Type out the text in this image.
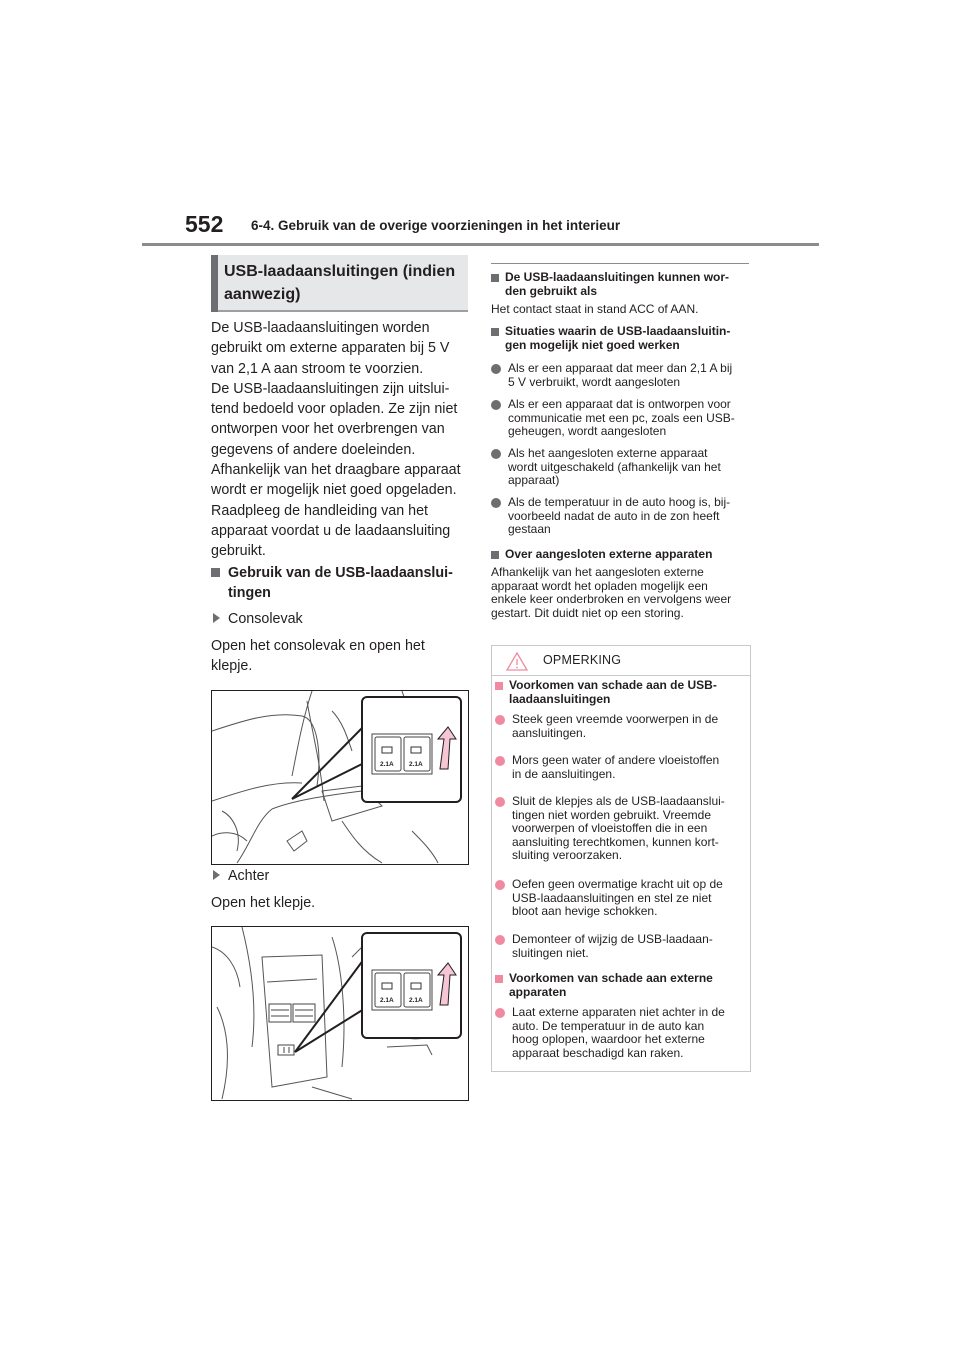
552 6-4. Gebruik van de overige voorzieningen in het interieur
USB-laadaansluitingen (indien aanwezig)
De USB-laadaansluitingen worden
gebruikt om externe apparaten bij 5 V
van 2,1 A aan stroom te voorzien.
De USB-laadaansluitingen zijn uitslui-
tend bedoeld voor opladen. Ze zijn niet
ontworpen voor het overbrengen van
gegevens of andere doeleinden.
Afhankelijk van het draagbare apparaat
wordt er mogelijk niet goed opgeladen.
Raadpleeg de handleiding van het
apparaat voordat u de laadaansluiting
gebruikt.
Gebruik van de USB-laadaanslui-
tingen
Consolevak
Open het consolevak en open het
klepje.
2.1A 2.1A
Achter
Open het klepje.
2.1A 2.1A
De USB-laadaansluitingen kunnen wor-
den gebruikt als
Het contact staat in stand ACC of AAN.
Situaties waarin de USB-laadaansluitin-
gen mogelijk niet goed werken
Als er een apparaat dat meer dan 2,1 A bij
5 V verbruikt, wordt aangesloten
Als er een apparaat dat is ontworpen voor
communicatie met een pc, zoals een USB-
geheugen, wordt aangesloten
Als het aangesloten externe apparaat
wordt uitgeschakeld (afhankelijk van het
apparaat)
Als de temperatuur in de auto hoog is, bij-
voorbeeld nadat de auto in de zon heeft
gestaan
Over aangesloten externe apparaten
Afhankelijk van het aangesloten externe
apparaat wordt het opladen mogelijk een
enkele keer onderbroken en vervolgens weer
gestart. Dit duidt niet op een storing.
OPMERKING
Voorkomen van schade aan de USB-
laadaansluitingen
Steek geen vreemde voorwerpen in de
aansluitingen.
Mors geen water of andere vloeistoffen
in de aansluitingen.
Sluit de klepjes als de USB-laadaanslui-
tingen niet worden gebruikt. Vreemde
voorwerpen of vloeistoffen die in een
aansluiting terechtkomen, kunnen kort-
sluiting veroorzaken.
Oefen geen overmatige kracht uit op de
USB-laadaansluitingen en stel ze niet
bloot aan hevige schokken.
Demonteer of wijzig de USB-laadaan-
sluitingen niet.
Voorkomen van schade aan externe
apparaten
Laat externe apparaten niet achter in de
auto. De temperatuur in de auto kan
hoog oplopen, waardoor het externe
apparaat beschadigd kan raken.
